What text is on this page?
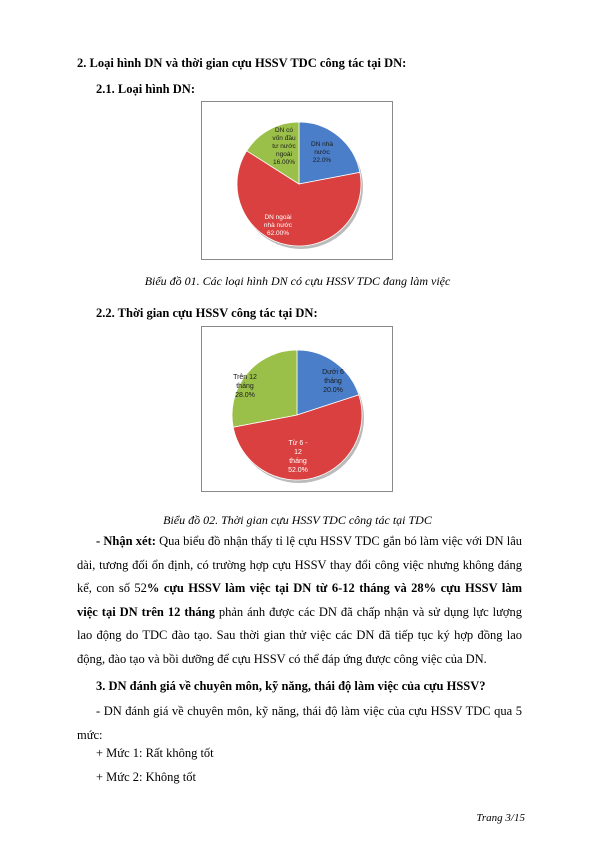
2. Loại hình DN và thời gian cựu HSSV TDC công tác tại DN:
2.1. Loại hình DN:
DN nhà nước 22.0%
DN ngoài nhà nước 62.00%
DN có vốn đầu tư nước ngoài 16.00%
Biểu đồ 01. Các loại hình DN có cựu HSSV TDC đang làm việc
2.2. Thời gian cựu HSSV công tác tại DN:
Dưới 6 tháng 20.0%
Từ 6 -12 tháng 52.0%
Trên 12 tháng 28.0%
Biểu đồ 02. Thời gian cựu HSSV TDC công tác tại TDC
- Nhận xét: Qua biểu đồ nhận thấy tỉ lệ cựu HSSV TDC gắn bó làm việc với DN lâu dài, tương đối ổn định, có trường hợp cựu HSSV thay đổi công việc nhưng không đáng kể, con số 52% cựu HSSV làm việc tại DN từ 6-12 tháng và 28% cựu HSSV làm việc tại DN trên 12 tháng phản ánh được các DN đã chấp nhận và sử dụng lực lượng lao động do TDC đào tạo. Sau thời gian thử việc các DN đã tiếp tục ký hợp đồng lao động, đào tạo và bồi dưỡng để cựu HSSV có thể đáp ứng được công việc của DN.
3. DN đánh giá về chuyên môn, kỹ năng, thái độ làm việc của cựu HSSV?
- DN đánh giá về chuyên môn, kỹ năng, thái độ làm việc của cựu HSSV TDC qua 5 mức:
+ Mức 1: Rất không tốt
+ Mức 2: Không tốt
Trang 3/15
